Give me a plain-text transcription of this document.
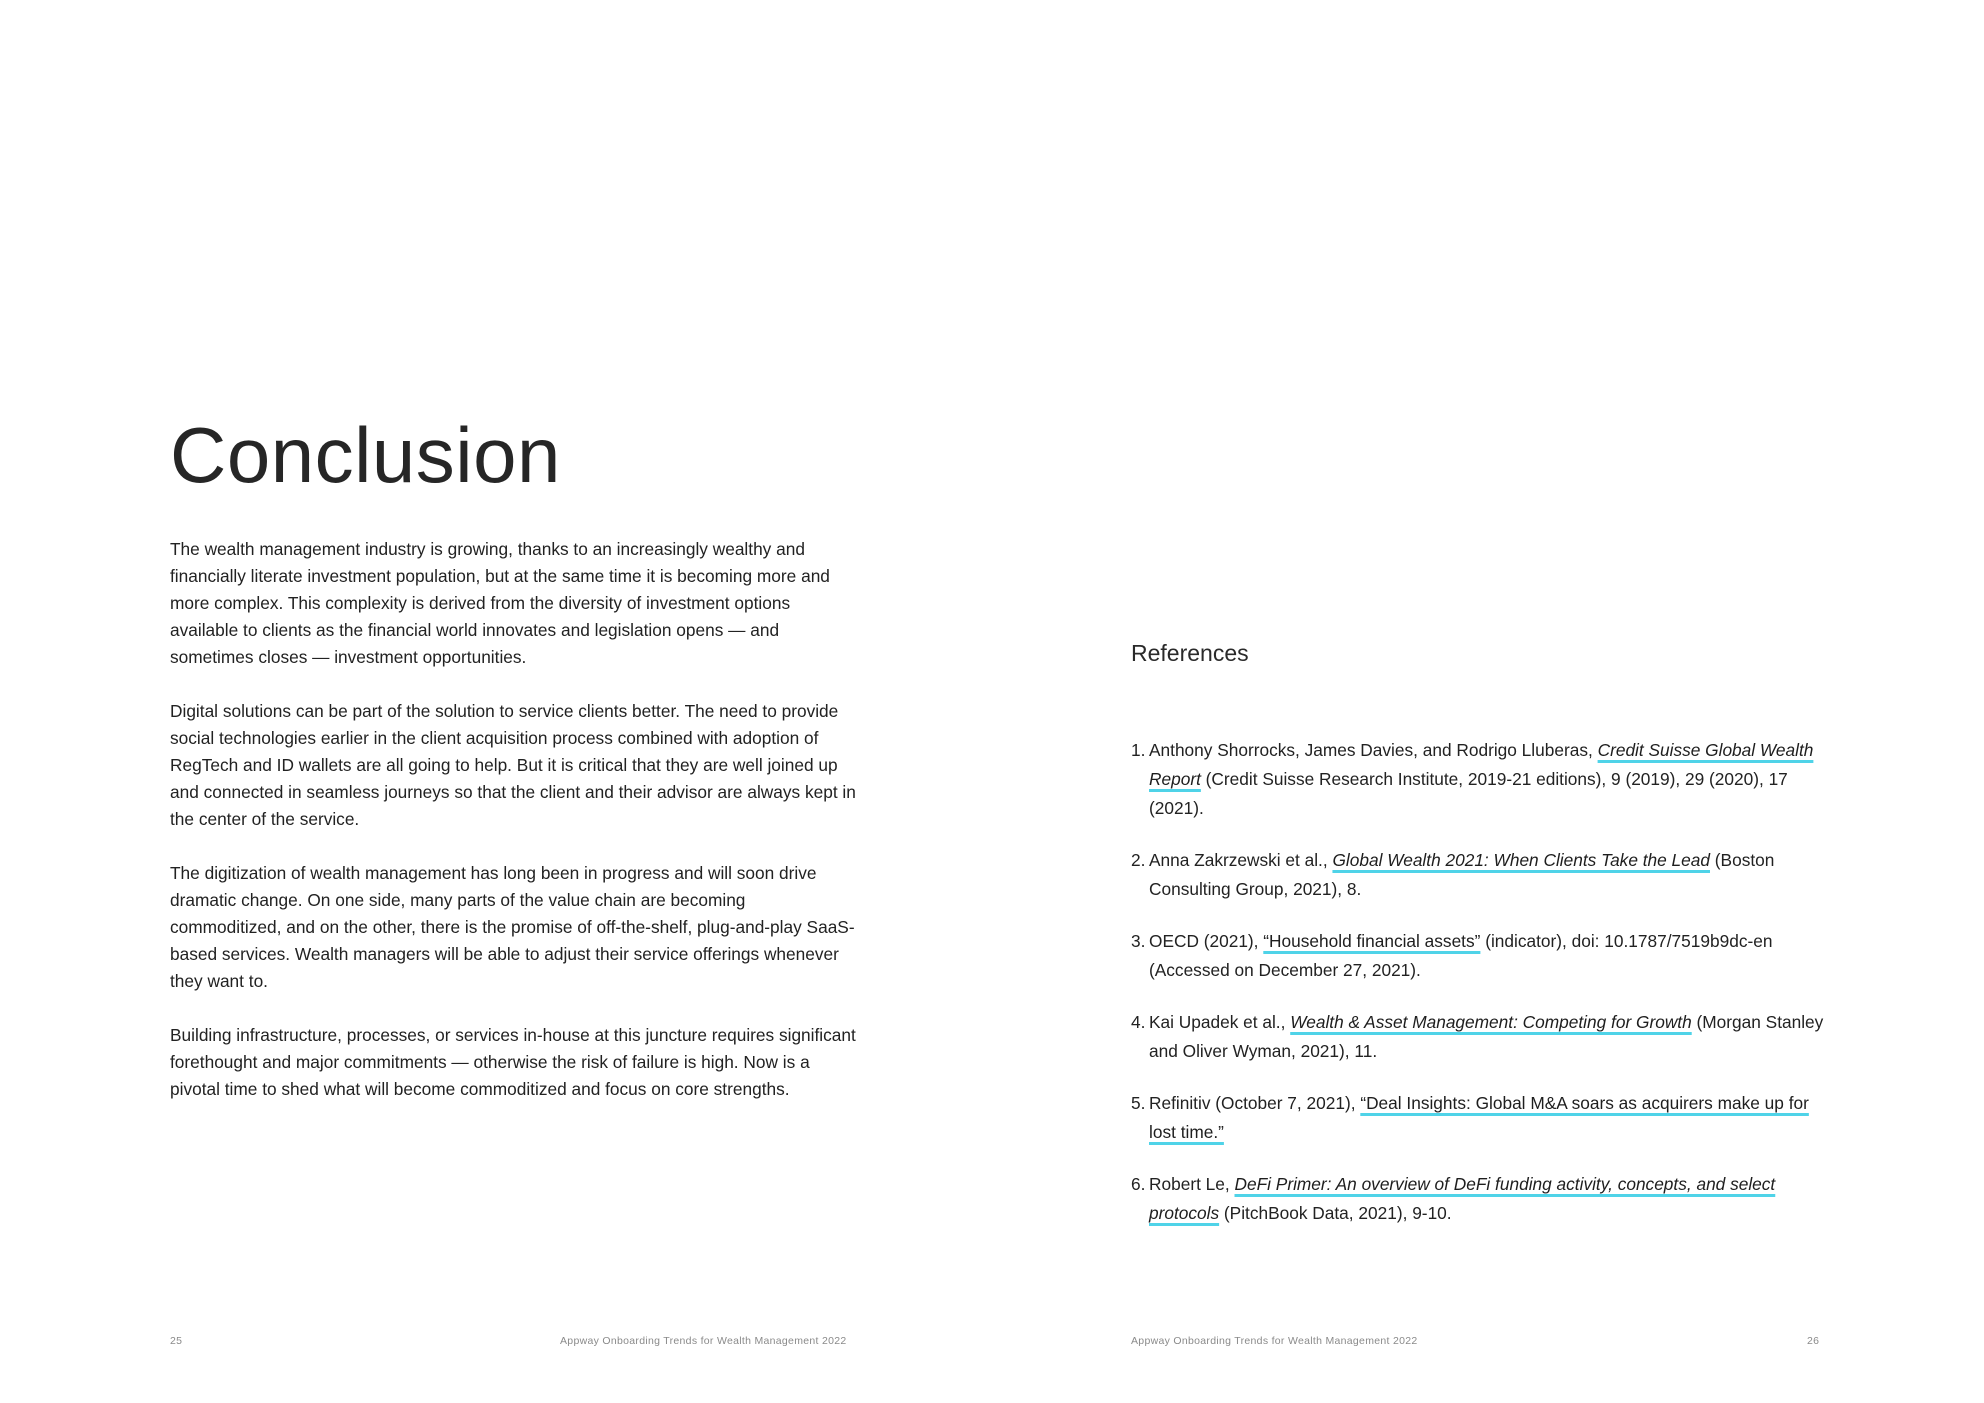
Conclusion

The wealth management industry is growing, thanks to an increasingly wealthy and financially literate investment population, but at the same time it is becoming more and more complex. This complexity is derived from the diversity of investment options available to clients as the financial world innovates and legislation opens — and sometimes closes — investment opportunities.

Digital solutions can be part of the solution to service clients better. The need to provide social technologies earlier in the client acquisition process combined with adoption of RegTech and ID wallets are all going to help. But it is critical that they are well joined up and connected in seamless journeys so that the client and their advisor are always kept in the center of the service.

The digitization of wealth management has long been in progress and will soon drive dramatic change. On one side, many parts of the value chain are becoming commoditized, and on the other, there is the promise of off-the-shelf, plug-and-play SaaS-based services. Wealth managers will be able to adjust their service offerings whenever they want to.

Building infrastructure, processes, or services in-house at this juncture requires significant forethought and major commitments — otherwise the risk of failure is high. Now is a pivotal time to shed what will become commoditized and focus on core strengths.

25	Appway Onboarding Trends for Wealth Management 2022
References
1. Anthony Shorrocks, James Davies, and Rodrigo Lluberas, Credit Suisse Global Wealth Report (Credit Suisse Research Institute, 2019-21 editions), 9 (2019), 29 (2020), 17 (2021).
2. Anna Zakrzewski et al., Global Wealth 2021: When Clients Take the Lead (Boston Consulting Group, 2021), 8.
3. OECD (2021), “Household financial assets” (indicator), doi: 10.1787/7519b9dc-en (Accessed on December 27, 2021).
4. Kai Upadek et al., Wealth & Asset Management: Competing for Growth (Morgan Stanley and Oliver Wyman, 2021), 11.
5. Refinitiv (October 7, 2021), “Deal Insights: Global M&A soars as acquirers make up for lost time.”
6. Robert Le, DeFi Primer: An overview of DeFi funding activity, concepts, and select protocols (PitchBook Data, 2021), 9-10.
Appway Onboarding Trends for Wealth Management 2022	26
